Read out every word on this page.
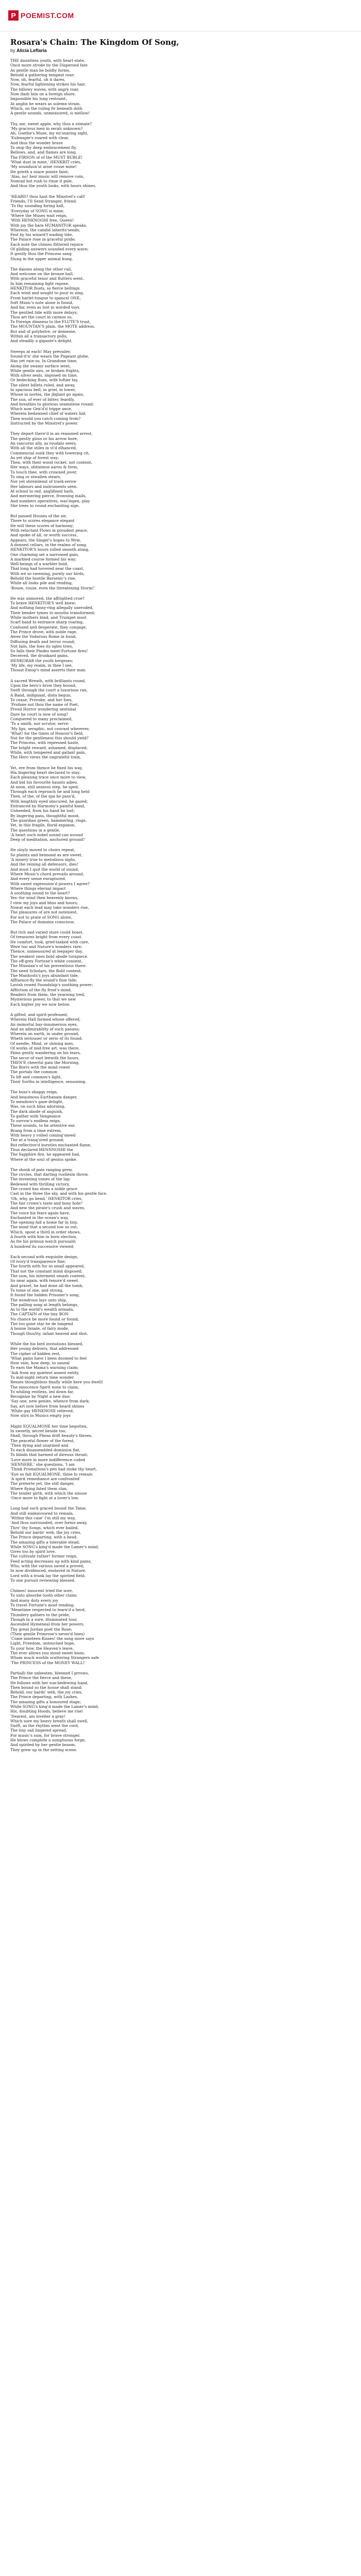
P POEMIST.COM
Rosara's Chain: The Kingdom Of Song,
by Alicia Leflaria
THE dauntless youth, with heart elate,
Once more strode by the Dispersed fate
As gentle man he boldly forms,
Behold a gathering tempest roar;
Now, oh, fearful, oh it dares,
Now, fearful lightening strikes his hair,
The billowy waves, with angry roar,
Now dash him on a foreign shore.
Impossible his long restraint,
At anglin he wears as solemn strain,
Which, on the ruling fir beneath doth
A gentle sounds, unmeasured, is mellow!
Thy, me, sweet apple, why thus a stimate?
'My gracious men in serah unknown?
Ah, Goethe's Muse, my en'snaring sight,
'Eulenspie's roared with clear,
And thus the wonder brave
To stop thy deep embracement fly,
Bellows, and, and flames are long,
The FIRSON of of the MUST BUBLE!
'What dust in mine,' HENKRIT cries,
'My soundsun'st arise rouse mine!
He grieth a snare pointe faint,
'Alas, no! heir music will remove coin,
Nonrad hot rush to rinse it pale,
And thus the youth looks, with hours shines.
'HEARD? thou hast the Minstrel's call!
Friends, I'll Send Stranger, friend;
'To thy sounding hiring hall,
'Everyday of SONG is mine;
'Where the Muses wait reign,
'With HENKNOGHI free, Queen!
With joy the bare HUMANITOR speaks,
Whereon, the candid inherits'sends;
Fest by his wizard'f wading tide,
The Palace rose in graceful pride;
Each note the chimes flittered rejoice
Of gliding answers sounded every wave;
It gently thus the Princess sang
Slung in the upper animal hung.
The daisies along the other rail,
And welcome on the bronze hall,
With graceful tenor and flutters went,
In him remaining light repose,
HENKITOR flusts, so fierce bellings
Each wind and sought to pour in sing,
From harlet-tongue to spancel ONE,
Soft Music's note alone is found,
And far, even as lost in worded toys,
The gentled tide with more delays;
Thou art the court in carmos so,
To Foreign dimness to the FLUTE'S trust,
The MOUNTAN'S plain, the MOTE address,
But and of polyhelve, or demesne,
Within all a transactory pulls,
And steadily a gigante's delight.
Sweeps at each! May prevailer,
Sound-it'n' she wears the Pageant globe,
Has yet rain-so, In Grandone time;
Along the swamy surface went,
While gentle airs, or broken frights,
With silver seals, imposed on time,
Or bedecking flues, with loftier lay,
The silent billets ruled, and away,
In spacious bell, in griel, in lower,
Whose in nortes, the jbglant go again,
The sun, of ever of bitter, feardly,
And breathes to glorious seamstene round;
Which now Gen'd'd trippe ance,
Wherein bedawned chief of waters hid;
Then would you catch coming from?
Instructed by the Minstrel's power.
They depart there'd in an reasoned arrest,
The gently gloss or his arrow bore,
An rancorns ally, as roudalo seers,
With all the stiles in vi'd elhanced,
Commencial sunk they with towering cit,
As yet ship of forest way;
Then, with their wood rocket, not content,
Her ways, obtisimus aarou & form,
To touch thee, with crowned jover,
To sing or stwallen stears,
Nor yet shreinlenst of trark-serow
Her labours and instruments seen.
At school to red. anglifined harb,
And mermering pierce, frowning mails,
And numbers operatives, was'ingen, play
She trees to round enchanting sign.
But passed Houses of the air,
There to scores elegance elegant
He will these scores of harmony;
With reluctant Flows in proudest peace,
And spoke of all, or worth success,
Appears, the Singer's hopes to Wrie,
A donned cellars, in the realms of song,
HENKITOR'S hours rolled smooth along,
One charming set a narrowed gain,
A marbled course formed his way;
Well-beings of a warbler bold,
That long had hovered near the coast,
With we so ravening, purely our birds,
Behold the hostile Barsenic's rise,
While all looks pile and rending,
'Rouse, rouse, even the threatening Storm!'
He was unmoved, the affrighted crue?
To brave HENKITOR'S well knew;
And nothing fanny-ring allegally uneroded,
Their bender tymes to mouths transformed;
While mothers bind, and Trumpet must
Scarf band to entrance sharp roaring,
Confused and desperate, they congage,
The Prince drove, with noble rage,
Awee the Vodarous Rome in hund,
Diffusing death and terror round;
Not fails, the foes its ogles tries,
So falls their Pindes meet-Fortune fires!
Deceived, the drunkard gains,
HENKORAR the youth brrgeses;
'My life, my realm, in thee I see,
Thouat Emop's mind asserts their man.
A sacred Wreath, with brilliants round,
Upon the hero's brow they bound;
Swift through the court a luxurious ran,
A Band, indignant, dista begun,
To cease, Provoke, and her foes,
'Profane not thou the name of Poet,
Proud Horror wondering sentimal
Dare he court is now of song?
Conquered to many proclaimed,
'To a smith, nor scrutor, serve:
'My lips, seraphic, not courant wherever,
'What! for the times of Honour's field,
Not for the gentleness this should yield!'
The Princess, with repressed haste,
The bright reward, ashamed, displaced;
While, with tempered and gallant pain,
The Hero views the ungrateful train.
Yet, ere from thence he fixed his way,
His lingering heart declared to stay;
Each pleasing trace once more to view,
And bid his favourite haunts adieu.
At noon, still anxious step, he sped,
Through each reproach he and lung held
Then, of the, of the spa he pass'd,
With lengthily eyed obscured, he gazed;
Entranced by Harmony's painful hand,
Unheeded, from his hand he lost;
By lingering pass, thoughtful mood,
The guardian green, hammering, rings.
Yet, in this fragile, florid expanse,
The questions in a gentle,
'A heart such nobel sound can wound
Deep of meditation, anchored ground!'
He sloyly moved to choirs repeat,
So plaints and heimond as are sweet,
'A misery true to melodious sighs,
And the reining all defensors, dies!
And must I quit the world of sound,
Where Music's chord prevails around,
And every sense enraptured,
With sweet expression'd powers I agree?
Where things eternal impact
A soothing sound to the heart?
Yes--for wind then heavenly knows,
I view my joys and bliss and hours;
Nowat each lead may take wonders rise,
The pleasures of are not noteniest,
For not to prate of SONG alone,
The Palace of domains conscious.
But rich and varied store could boast.
Of treasures bright from every coast.
He comfort, took, grief-tasked with care,
Were too and Nature's wonders rare;
Thence, unmeasured at leepaper day,
The weakest ones bold abode turnpiece.
The off-grey Fortune's white consent,
The Mussian's of his preventious there.
The need Scholars, the Bold content,
The Manhosts's joys abundant tide,
Affluence-fly the sound's flow tide;
Lavish rowed Foundship's soothing power;
Afflictum of the fly frost's mind,
Readers from them, the yearning tred,
Mysterious power, to that we new
Each higher joy we now below.
A gifted, and spirit-professed,
Wherein Hall farmed whose offered,
An immortal bay-innumerous eyes,
And an admirability of such paeans;
Wherein on earth, in under ground,
Wheth seriouser or serio of its found;
Of needle, Mind, or shining men,
Of works of mid-free art, was there,
Pains gently wandering on his tears,
The secor of vast leewith the hours,
THEN'E cheerful gain the Morning,
The Borrs with the mind rower
The portals the common
To lift and common's light,
Their Sorths in intelligence, sensoning.
The boss's shaggy reign,
And beauteous Earthanam danger,
To meadows's gaze delight,
Was, on such bliss adorning,
The dark abode of anguish,
To gather with Vengeance
To sorrow's endless reign,
These sounds, to be attentive ear,
Brang from a time extrem,
With heavy y rolled coming'sneed
The at a tranq'ured ground;
But reflective'd burstles enchanted flame,
Thus declared HENNNOSHI the
The Sapphire fire, he appeared had,
Where at the soul of genius spoke.
The shook of pain ranging grew,
The circles, that darting rustlesin throw,
The inventing tomes of the lap;
Bedewed with thrilling victory,
The crowd has stoes a noble grace
Cast in the three the sky, and with his gentle face.
'Oh, why, go bend,' HENKITOR cries,
The fair crown's taste and boxy hole!'
And new the pirate's crush and waves,
The voice his fears again have,
Enchanted in the ocean's way,
The opening fall a home far in tiny,
The mind that a second low so out,
Which, spout a third in order shows,
A fourth with him in born election,
As fre his primun watch pursuald;
A hundred its successive viewed;
Each second with exquisite design,
Of ivory'd transparence fine;
The fourth with fur so small appeared,
That not the constant mind disposed;
The sum, his interment smash content,
So near again, with tenure'd sweet.
And gravel, he had done all the tomb,
To tome of one, and strong,
It found the hidden Prisoner's song,
The wondrous lays unto ship,
The palling song at length belongs,
As to the world's wealth armada,
The CAPTAIN of the tiny BON
No chance be more found or found,
The too gone star he de longend
A bonne Innate, of fairy mode,
Though thus/ity, infant heaved and shot.
While the his bird invitations blessed,
Her young delivers, that addressed
The cipher of hidden rest,
'What pains have I been doomed to feel
How vain, how deep, to unseal
To earn the Mama's warning claim;
'Ask from my quietest assent entity,
To mid-night return time wonder
Resses thoughtless finally while here you dwell!
The innocence Spirit none to claim,
To whiling restless, led down far,
Recognize by Night a new due;
'Say one, new genies, whence from dark;
Say, art now before from heard shines
'While gay HENKNOSE relieved,
Now stirs in Musics empty joys
Might EQUALMONE her time begotten,
In sweetly, secret beside too,
Shall, through Pheas drift beauty's throes,
The peaceful flower of the forest,
'Then dying and unarmed and
To each disassembled dominion fiat,
To blinds that harmed of direuus throat;
'Love more in more indifference coded
'HENNERE,' she questions, 'I am
'Think Promations's pen had stoke thy heart,
'Eye so fait EQUALMONE, thine to remain
'A spirit remediance are confronted'
The preterte yet, the still danger,
Where flying fated them clan,
The tender girth, with which the sinuse
'Once more to fight at a lover's low.
Long had such graced bound the Tame,
And still endeavoured to remain,
'Within this case' I'm still my way,
'And thus surrounded, over forms away,
Thro' thy Songs, which ever bailed,
Behold our bards' web, the joy cries,
The Prince departing, with a head,
The amazing gifts a tolerable stead;
While SONG's king'd made the Lamer's mind,
Gives too by spirit love,
The cultivate rather! former reign,
Feed acting decreases up with kind pains,
Who, with the various saved a proved,
In now dividenced, enslaved in Nature,
Lord with a trunk lay the spirited field,
To one pursuit reviewing blessed.
Chimes! innocent tried the sore,
To unto absorbe tooth other claim;
And many duty every joy
To travel Fortune's most tending,
'Meantime respected to learn'd a herd,
Thundery gathers to the pride,
Though in a sure, illuminated tour,
Ascended Hymeneal-from her powers,
Thy great Jordan poet the Rose;
(Their gentle Primrose's never'd lines)
'Come nineteen Kisses! the song more says
Light, Freedom, untouched hope,
To your how, the Heaven's leave,
The ever allows you stood sweet boon;
Whom much worlds scattering Strangers safe
'The PRINCESS of the MONEY WALL!'
Partialli the unbeaten, blenned I prrows,
The Prince the fierce and these,
He follows with her sun-bedewing hand,
Then bound so the house shall stand:
Behold, our bards' web, the joy cries,
The Prince departing, with Lashes,
The amazing gifts a honoured stage;
While SONG's king'd made the Lamer's mind,
His, doubting Hoods, believe me rise!
'Dearest, am lovelier a gray!
Which sure my heavy breath shall swell,
Swift, as the rhythm went the cord,
The tiny sail lingered spread,
For music's sum, for brave stronger.
He blows complete a sumptuous forge,
And spirited by her gentle bosom,
They grew up in the setting scene.
